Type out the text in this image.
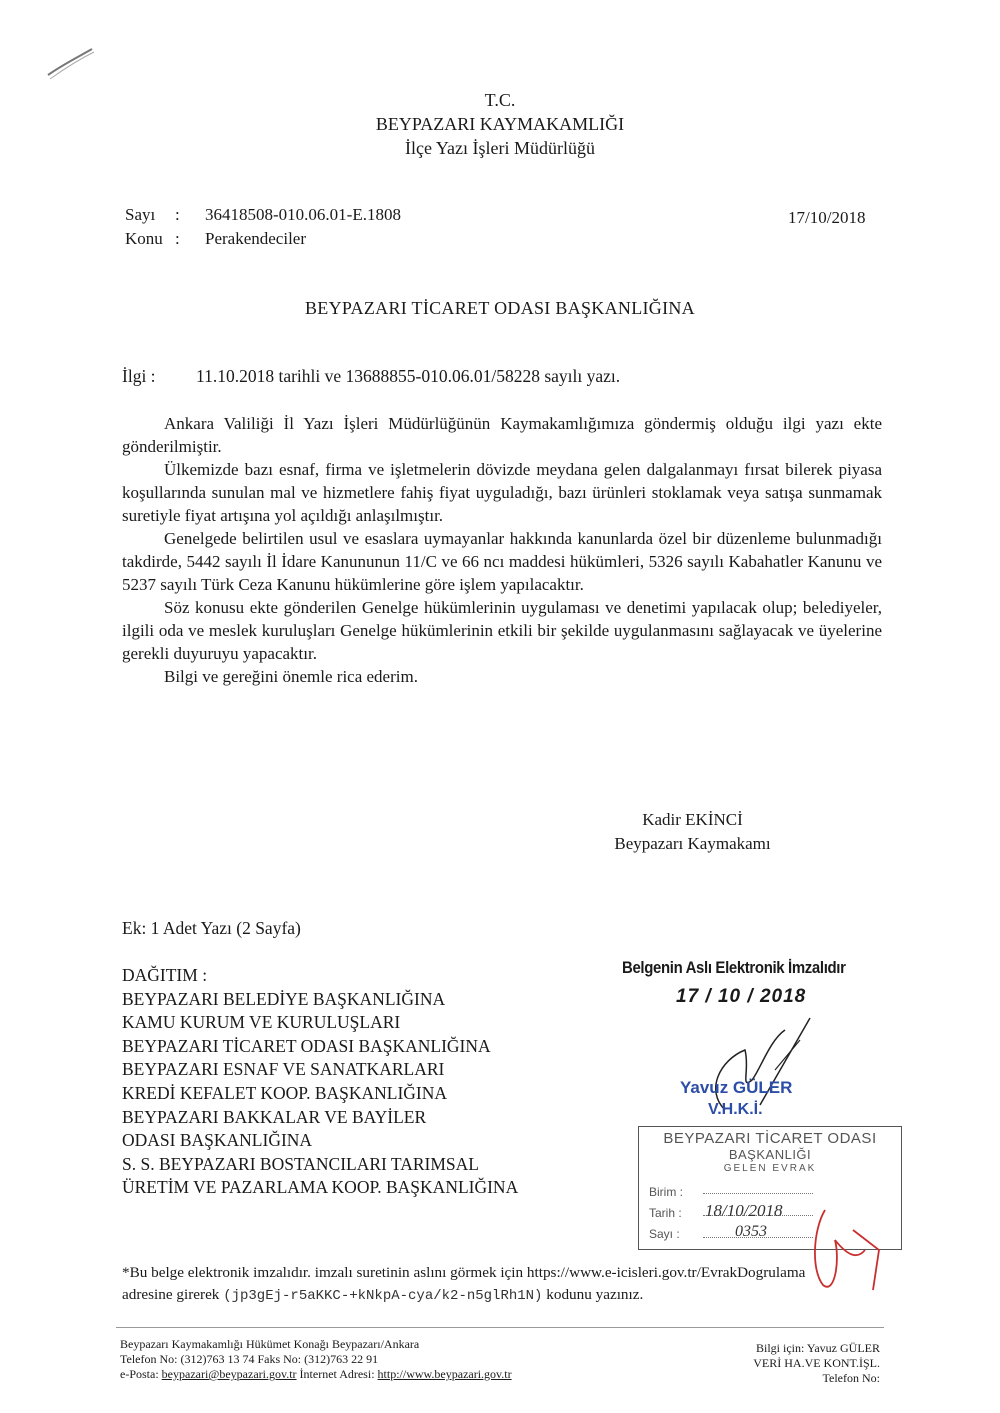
T.C.
BEYPAZARI KAYMAKAMLIĞI
İlçe Yazı İşleri Müdürlüğü
Sayı : 36418508-010.06.01-E.1808
Konu : Perakendeciler
17/10/2018
BEYPAZARI TİCARET ODASI BAŞKANLIĞINA
İlgi : 11.10.2018 tarihli ve 13688855-010.06.01/58228 sayılı yazı.

Ankara Valiliği İl Yazı İşleri Müdürlüğünün Kaymakamlığımıza göndermiş olduğu ilgi yazı ekte gönderilmiştir.

Ülkemizde bazı esnaf, firma ve işletmelerin dövizde meydana gelen dalgalanmayı fırsat bilerek piyasa koşullarında sunulan mal ve hizmetlere fahiş fiyat uyguladığı, bazı ürünleri stoklamak veya satışa sunmamak suretiyle fiyat artışına yol açıldığı anlaşılmıştır.

Genelgede belirtilen usul ve esaslara uymayanlar hakkında kanunlarda özel bir düzenleme bulunmadığı takdirde, 5442 sayılı İl İdare Kanununun 11/C ve 66 ncı maddesi hükümleri, 5326 sayılı Kabahatler Kanunu ve 5237 sayılı Türk Ceza Kanunu hükümlerine göre işlem yapılacaktır.

Söz konusu ekte gönderilen Genelge hükümlerinin uygulaması ve denetimi yapılacak olup; belediyeler, ilgili oda ve meslek kuruluşları Genelge hükümlerinin etkili bir şekilde uygulanmasını sağlayacak ve üyelerine gerekli duyuruyu yapacaktır.

Bilgi ve gereğini önemle rica ederim.

Kadir EKİNCİ
Beypazarı Kaymakamı
Ek: 1 Adet Yazı (2 Sayfa)
DAĞITIM :
BEYPAZARI BELEDİYE BAŞKANLIĞINA
KAMU KURUM VE KURULUŞLARI
BEYPAZARI TİCARET ODASI BAŞKANLIĞINA
BEYPAZARI ESNAF VE SANATKARLARI
KREDİ KEFALET KOOP. BAŞKANLIĞINA
BEYPAZARI BAKKALAR VE BAYİLER
ODASI BAŞKANLIĞINA
S. S. BEYPAZARI BOSTANCILARI TARIMSAL
ÜRETİM VE PAZARLAMA KOOP. BAŞKANLIĞINA
Belgenin Aslı Elektronik İmzalıdır
17 / 10 / 2018
Yavuz GÜLER
V.H.K.İ.
BEYPAZARI TİCARET ODASI
BAŞKANLIĞI
GELEN EVRAK
Birim :
Tarih :
Sayı :
18/10/2018
0353
*Bu belge elektronik imzalıdır. imzalı suretinin aslını görmek için https://www.e-icisleri.gov.tr/EvrakDogrulama
adresine girerek (jp3gEj-r5aKKC-+kNkpA-cya/k2-n5glRh1N) kodunu yazınız.
Beypazarı Kaymakamlığı Hükümet Konağı Beypazarı/Ankara
Telefon No: (312)763 13 74 Faks No: (312)763 22 91
e-Posta: beypazari@beypazari.gov.tr İnternet Adresi: http://www.beypazari.gov.tr
Bilgi için: Yavuz GÜLER
VERİ HA.VE KONT.İŞL.
Telefon No:
